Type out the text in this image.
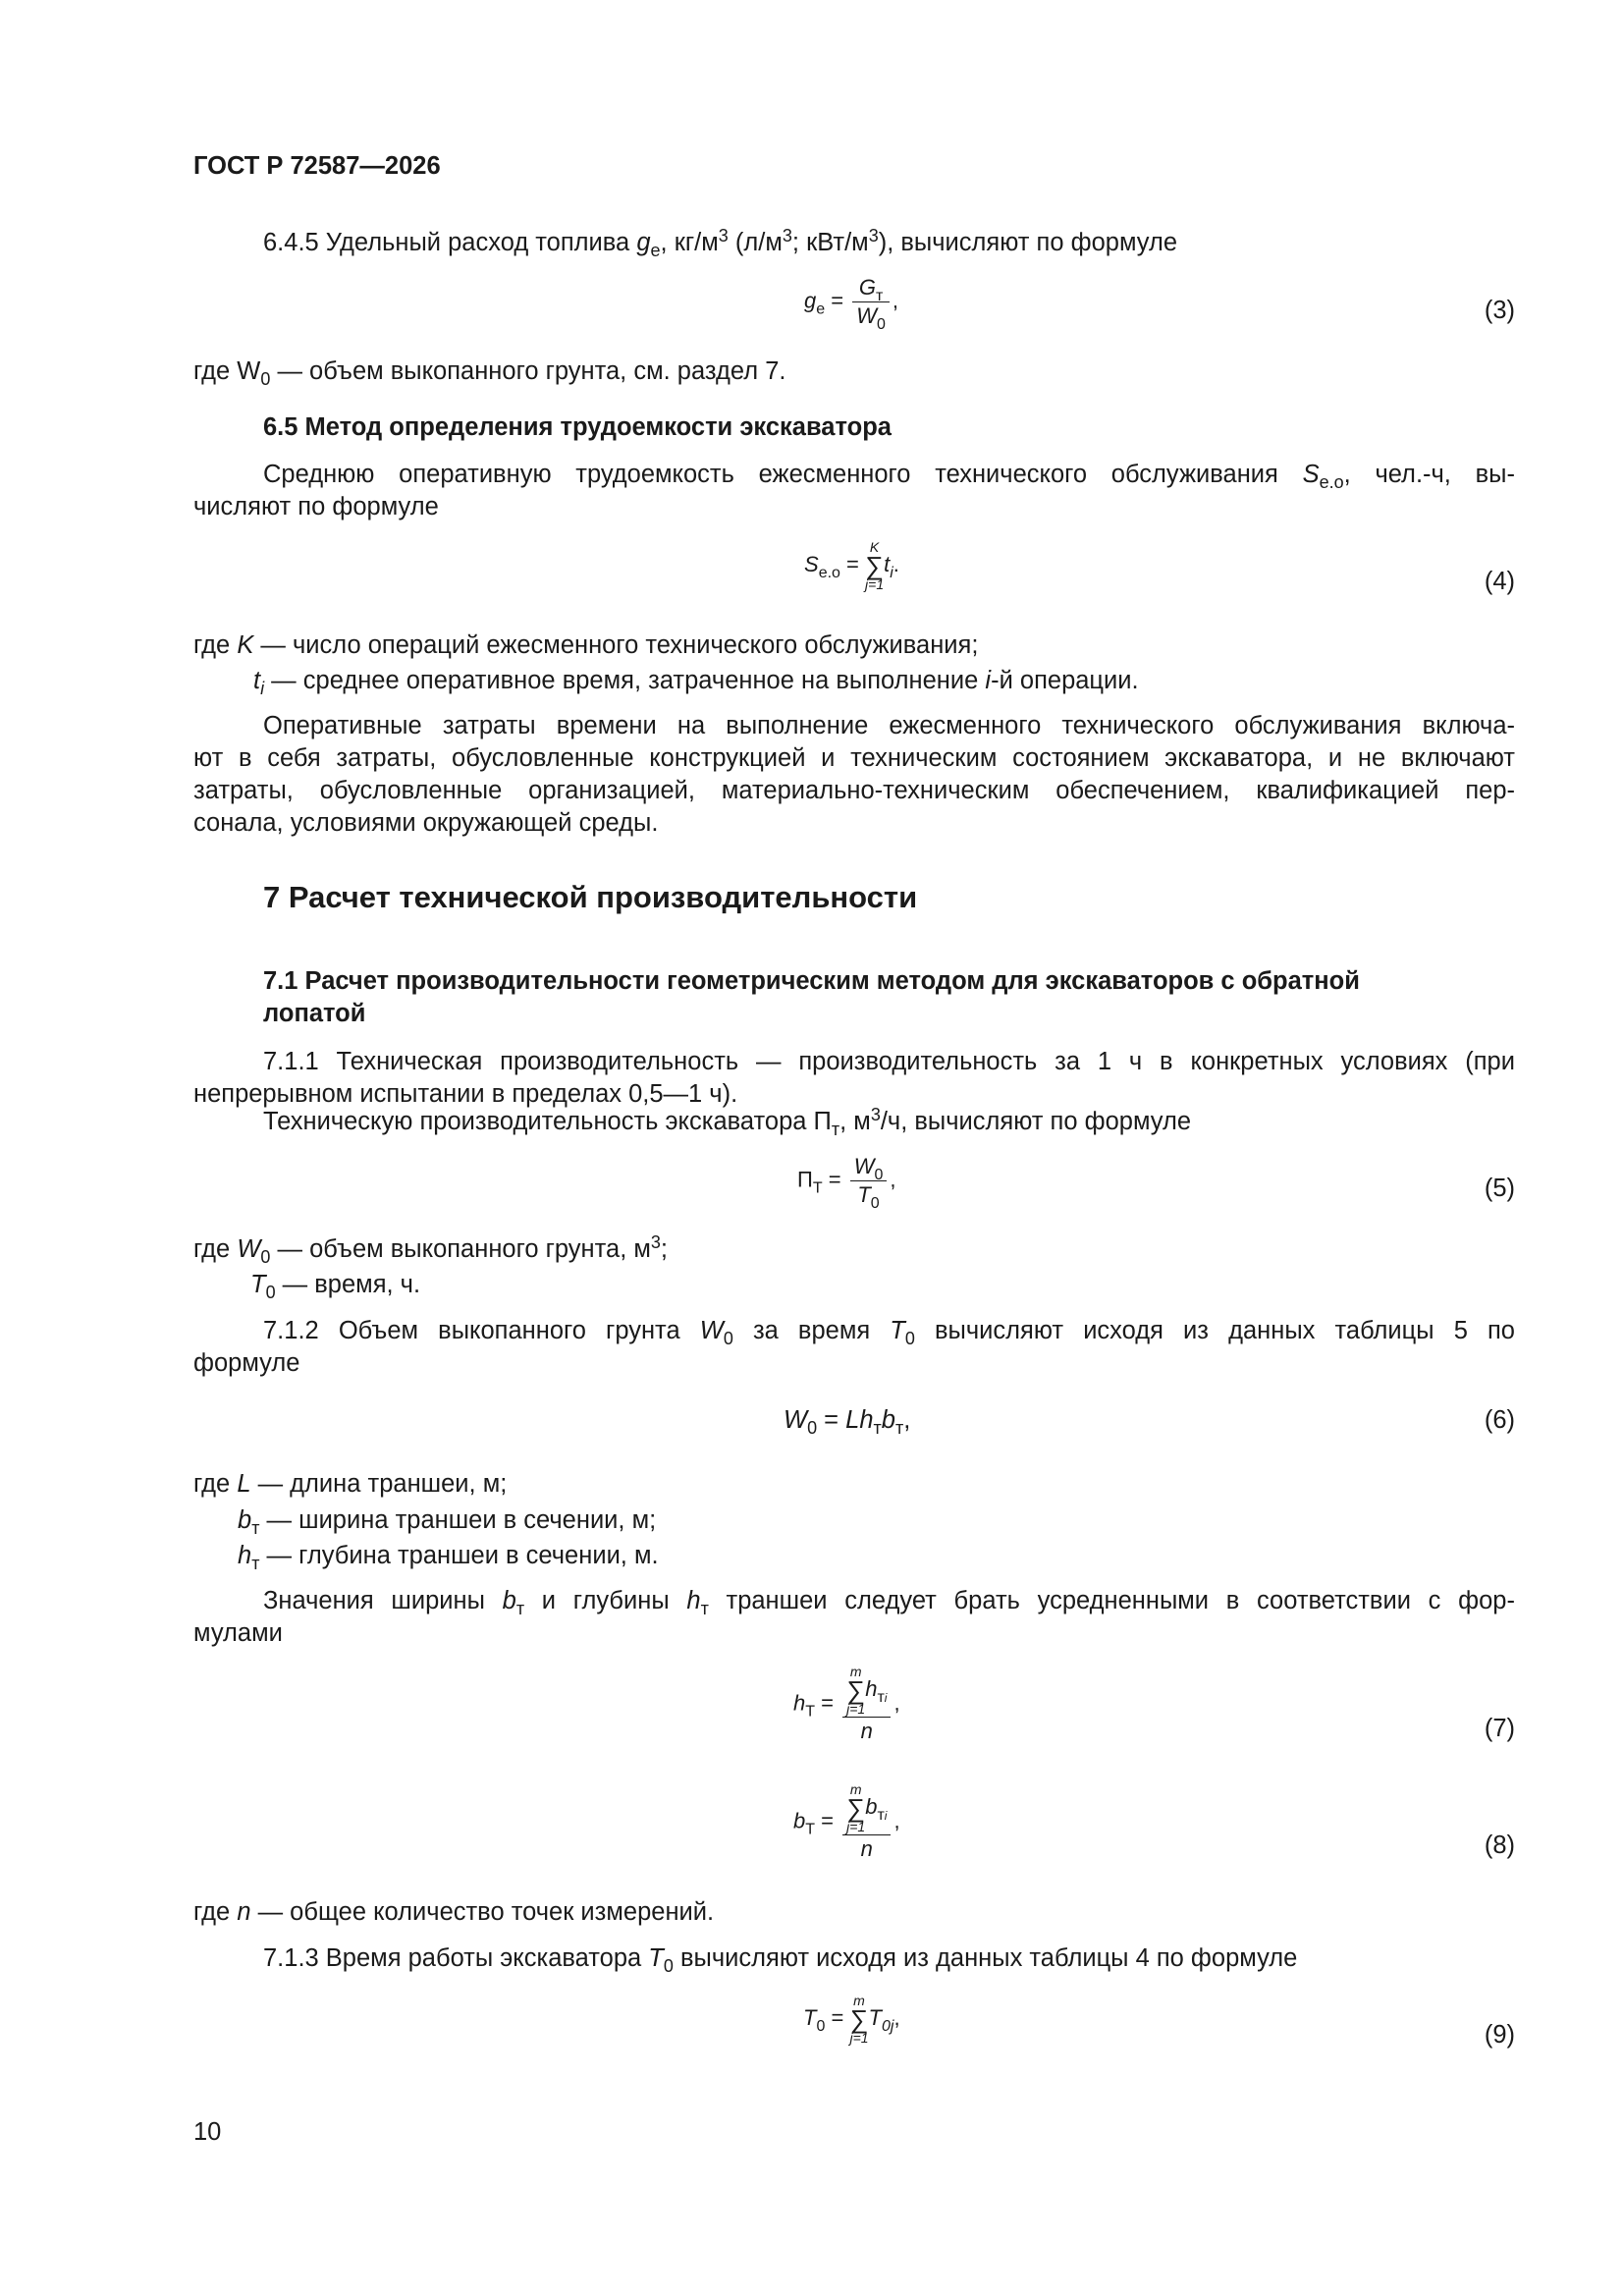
ГОСТ Р 72587—2026
6.4.5 Удельный расход топлива $g_e$, $кг/м^3$ ($л/м^3$; кВт/$м^3$), вычисляют по формуле
$g_e = \frac{G_т}{W_0}$ ,	(3)
где $W_0$ — объем выкопанного грунта, см. раздел 7.
6.5 Метод определения трудоемкости экскаватора
Среднюю оперативную трудоемкость ежесменного технического обслуживания $S_{e.o}$, чел.-ч, вы-
числяют по формуле
$S_{e.o} = K$
∑
$j=1t_i$.
(4)
где K — число операций ежесменного технического обслуживания;
$t_i$ — среднее оперативное время, затраченное на выполнение i-й операции.
Оперативные затраты времени на выполнение ежесменного технического обслуживания включа-
ют в себя затраты, обусловленные конструкцией и техническим состоянием экскаватора, и не включают
затраты, обусловленные организацией, материально-техническим обеспечением, квалификацией пер-
сонала, условиями окружающей среды.
7 Расчет технической производительности
7.1 Расчет производительности геометрическим методом для экскаваторов с обратной
лопатой
7.1.1 Техническая производительность — производительность за 1 ч в конкретных условиях (при
непрерывном испытании в пределах 0,5—1 ч).
Техническую производительность экскаватора $П_т$, $м^3/ч$, вычисляют по формуле
$П_Т = \frac{W_0}{T_0}$ ,	(5)
где $W_0$ — объем выкопанного грунта, $м^3$;
$T_0$ — время, ч.
7.1.2 Объем выкопанного грунта $W_0$ за время $T_0$ вычисляют исходя из данных таблицы 5 по
формуле
$W_0 = Lh_тb_т$,	(6)
где L — длина траншеи, м;
$b_т$ — ширина траншеи в сечении, м;
$h_т$ — глубина траншеи в сечении, м.
Значения ширины $b_т$ и глубины $h_т$ траншеи следует брать усредненными в соответствии с фор-
мулами
$h_Т = m$
∑
$j=1h_{тi}$
n ,
(7)
$b_Т = m$
∑
$j=1b_{тi}$
n ,
(8)
где n — общее количество точек измерений.
7.1.3 Время работы экскаватора $T_0$ вычисляют исходя из данных таблицы 4 по формуле
$T_0 = m$
∑
$j=1T_{0j}$,
(9)
10
